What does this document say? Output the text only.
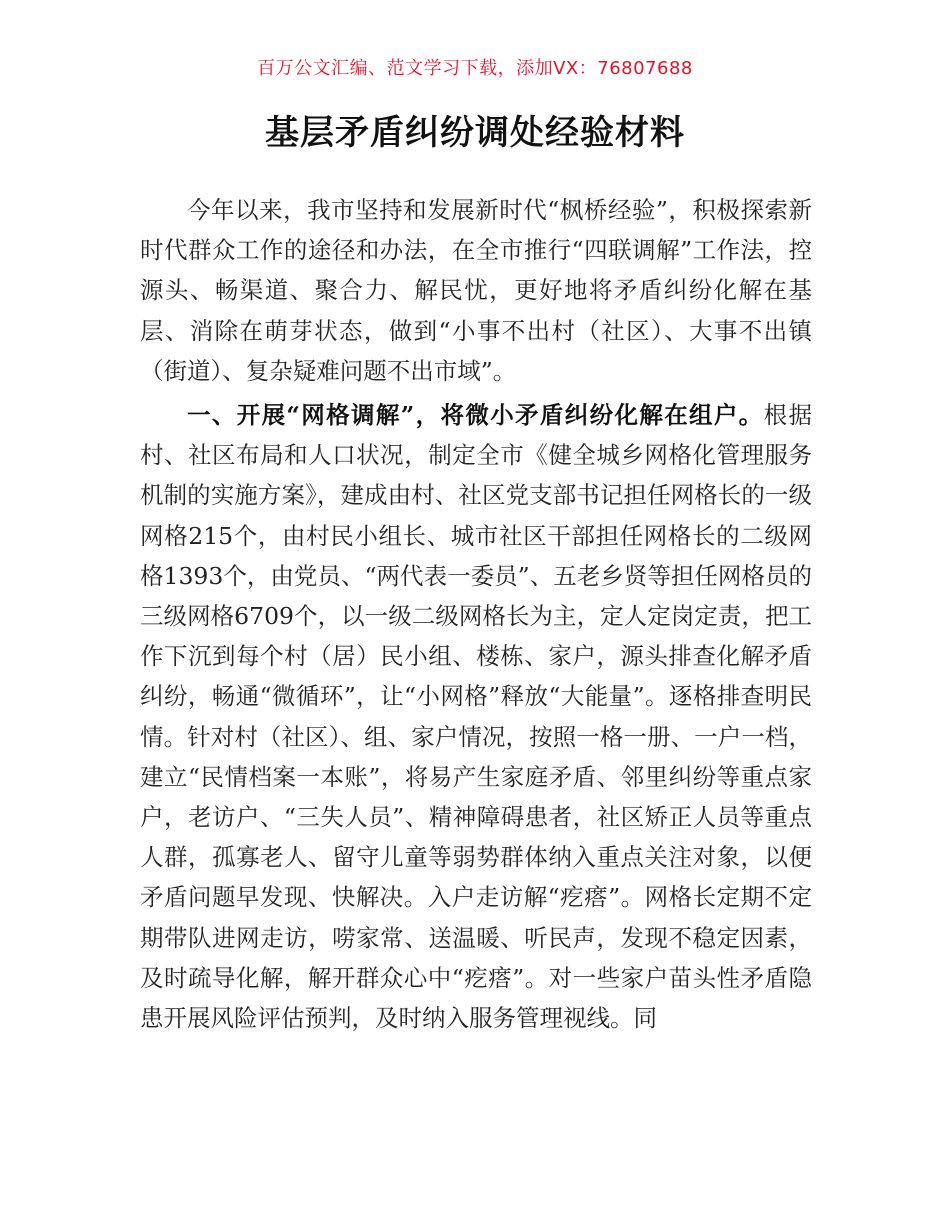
百万公文汇编、范文学习下载，添加VX：76807688
基层矛盾纠纷调处经验材料

今年以来，我市坚持和发展新时代“枫桥经验”，积极探索新时代群众工作的途径和办法，在全市推行“四联调解”工作法，控源头、畅渠道、聚合力、解民忧，更好地将矛盾纠纷化解在基层、消除在萌芽状态，做到“小事不出村（社区）、大事不出镇（街道）、复杂疑难问题不出市域”。

一、开展“网格调解”，将微小矛盾纠纷化解在组户。根据村、社区布局和人口状况，制定全市《健全城乡网格化管理服务机制的实施方案》，建成由村、社区党支部书记担任网格长的一级网格215个，由村民小组长、城市社区干部担任网格长的二级网格1393个，由党员、“两代表一委员”、五老乡贤等担任网格员的三级网格6709个，以一级二级网格长为主，定人定岗定责，把工作下沉到每个村（居）民小组、楼栋、家户，源头排查化解矛盾纠纷，畅通“微循环”，让“小网格”释放“大能量”。逐格排查明民情。针对村（社区）、组、家户情况，按照一格一册、一户一档，建立“民情档案一本账”，将易产生家庭矛盾、邻里纠纷等重点家户，老访户、“三失人员”、精神障碍患者，社区矫正人员等重点人群，孤寡老人、留守儿童等弱势群体纳入重点关注对象，以便矛盾问题早发现、快解决。入户走访解“疙瘩”。网格长定期不定期带队进网走访，唠家常、送温暖、听民声，发现不稳定因素，及时疏导化解，解开群众心中“疙瘩”。对一些家户苗头性矛盾隐患开展风险评估预判，及时纳入服务管理视线。同
